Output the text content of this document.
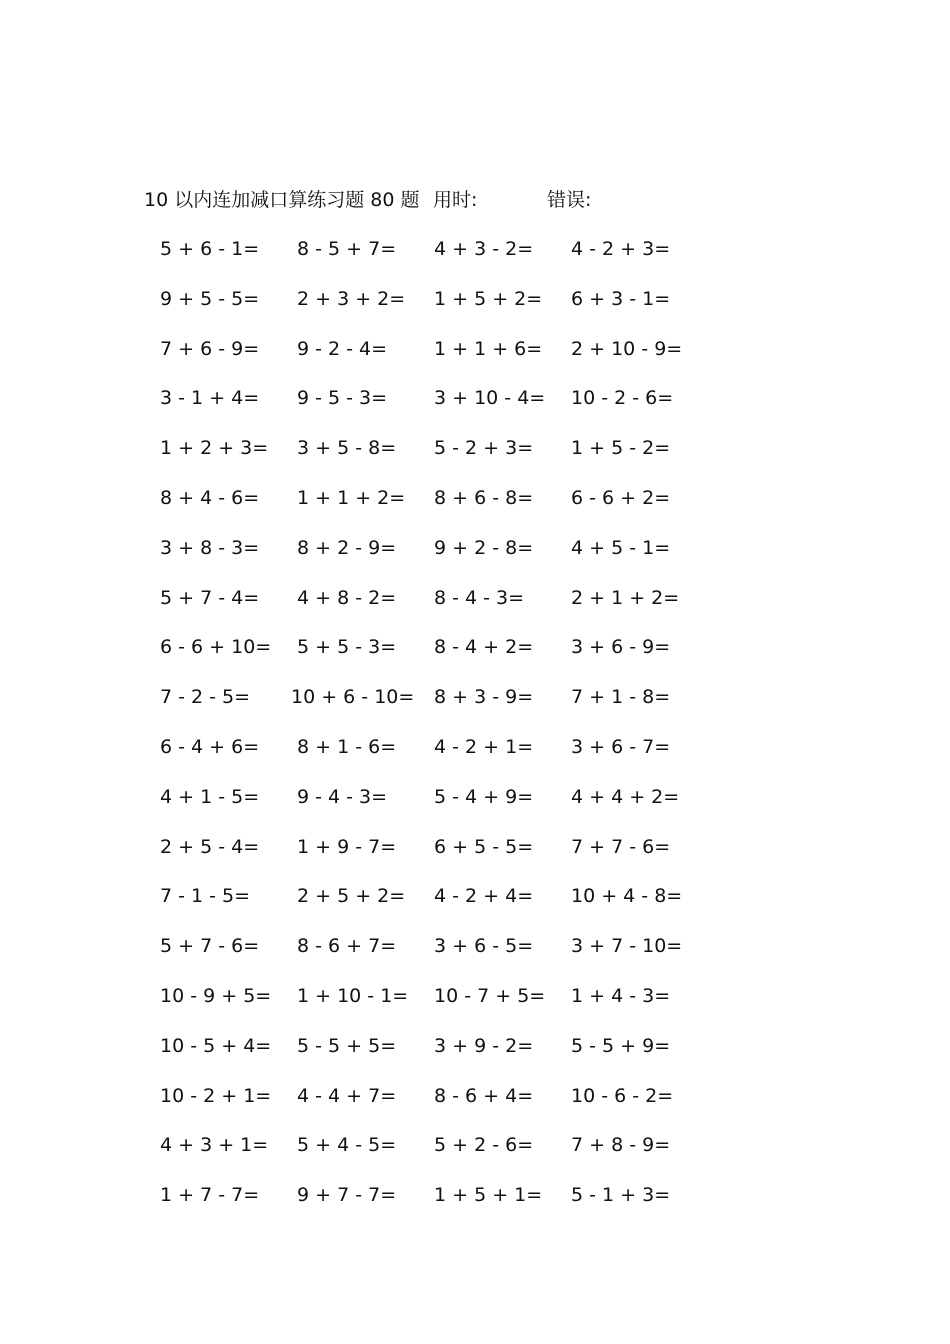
10 以内连加减口算练习题 80 题 用时:	错误:
5 + 6 - 1= 8 - 5 + 7= 4 + 3 - 2= 4 - 2 + 3=
9 + 5 - 5= 2 + 3 + 2= 1 + 5 + 2= 6 + 3 - 1=
7 + 6 - 9= 9 - 2 - 4= 1 + 1 + 6= 2 + 10 - 9=
3 - 1 + 4= 9 - 5 - 3= 3 + 10 - 4= 10 - 2 - 6=
1 + 2 + 3= 3 + 5 - 8= 5 - 2 + 3= 1 + 5 - 2=
8 + 4 - 6= 1 + 1 + 2= 8 + 6 - 8= 6 - 6 + 2=
3 + 8 - 3= 8 + 2 - 9= 9 + 2 - 8= 4 + 5 - 1=
5 + 7 - 4= 4 + 8 - 2= 8 - 4 - 3= 2 + 1 + 2=
6 - 6 + 10= 5 + 5 - 3= 8 - 4 + 2= 3 + 6 - 9=
7 - 2 - 5= 10 + 6 - 10= 8 + 3 - 9= 7 + 1 - 8=
6 - 4 + 6= 8 + 1 - 6= 4 - 2 + 1= 3 + 6 - 7=
4 + 1 - 5= 9 - 4 - 3= 5 - 4 + 9= 4 + 4 + 2=
2 + 5 - 4= 1 + 9 - 7= 6 + 5 - 5= 7 + 7 - 6=
7 - 1 - 5= 2 + 5 + 2= 4 - 2 + 4= 10 + 4 - 8=
5 + 7 - 6= 8 - 6 + 7= 3 + 6 - 5= 3 + 7 - 10=
10 - 9 + 5= 1 + 10 - 1= 10 - 7 + 5= 1 + 4 - 3=
10 - 5 + 4= 5 - 5 + 5= 3 + 9 - 2= 5 - 5 + 9=
10 - 2 + 1= 4 - 4 + 7= 8 - 6 + 4= 10 - 6 - 2=
4 + 3 + 1= 5 + 4 - 5= 5 + 2 - 6= 7 + 8 - 9=
1 + 7 - 7= 9 + 7 - 7= 1 + 5 + 1= 5 - 1 + 3=
